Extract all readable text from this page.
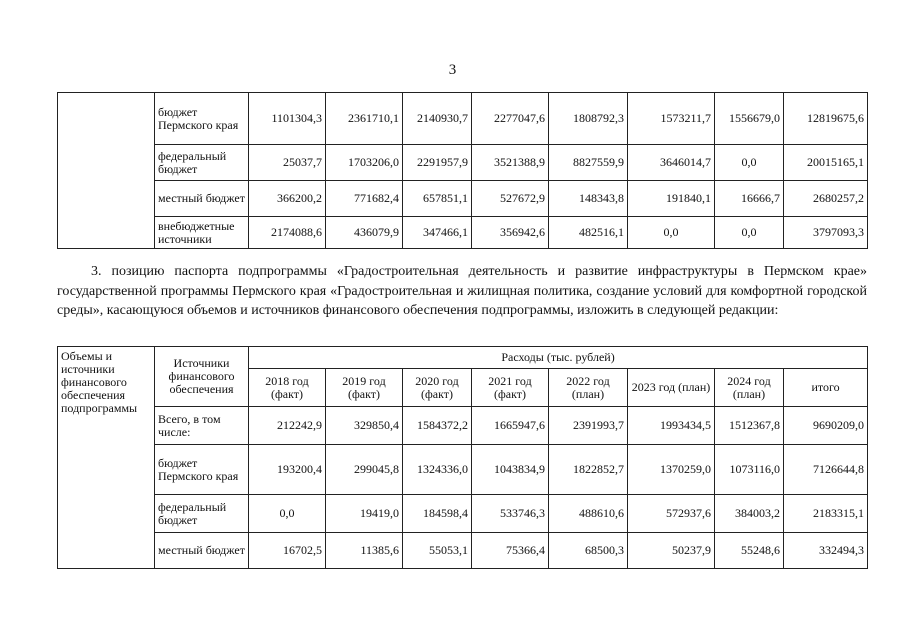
3
	бюджет Пермского края	1101304,3	2361710,1	2140930,7	2277047,6	1808792,3	1573211,7	1556679,0	12819675,6
	федеральный бюджет	25037,7	1703206,0	2291957,9	3521388,9	8827559,9	3646014,7	0,0	20015165,1
	местный бюджет	366200,2	771682,4	657851,1	527672,9	148343,8	191840,1	16666,7	2680257,2
	внебюджетные источники	2174088,6	436079,9	347466,1	356942,6	482516,1	0,0	0,0	3797093,3
3. позицию паспорта подпрограммы «Градостроительная деятельность и развитие инфраструктуры в Пермском крае» государственной программы Пермского края «Градостроительная и жилищная политика, создание условий для комфортной городской среды», касающуюся объемов и источников финансового обеспечения подпрограммы, изложить в следующей редакции:
Объемы и источники финансового обеспечения подпрограммы	Источники финансового обеспечения	Расходы (тыс. рублей)							
		2018 год (факт)	2019 год (факт)	2020 год (факт)	2021 год (факт)	2022 год (план)	2023 год (план)	2024 год (план)	итого
	Всего, в том числе:	212242,9	329850,4	1584372,2	1665947,6	2391993,7	1993434,5	1512367,8	9690209,0
	бюджет Пермского края	193200,4	299045,8	1324336,0	1043834,9	1822852,7	1370259,0	1073116,0	7126644,8
	федеральный бюджет	0,0	19419,0	184598,4	533746,3	488610,6	572937,6	384003,2	2183315,1
	местный бюджет	16702,5	11385,6	55053,1	75366,4	68500,3	50237,9	55248,6	332494,3
